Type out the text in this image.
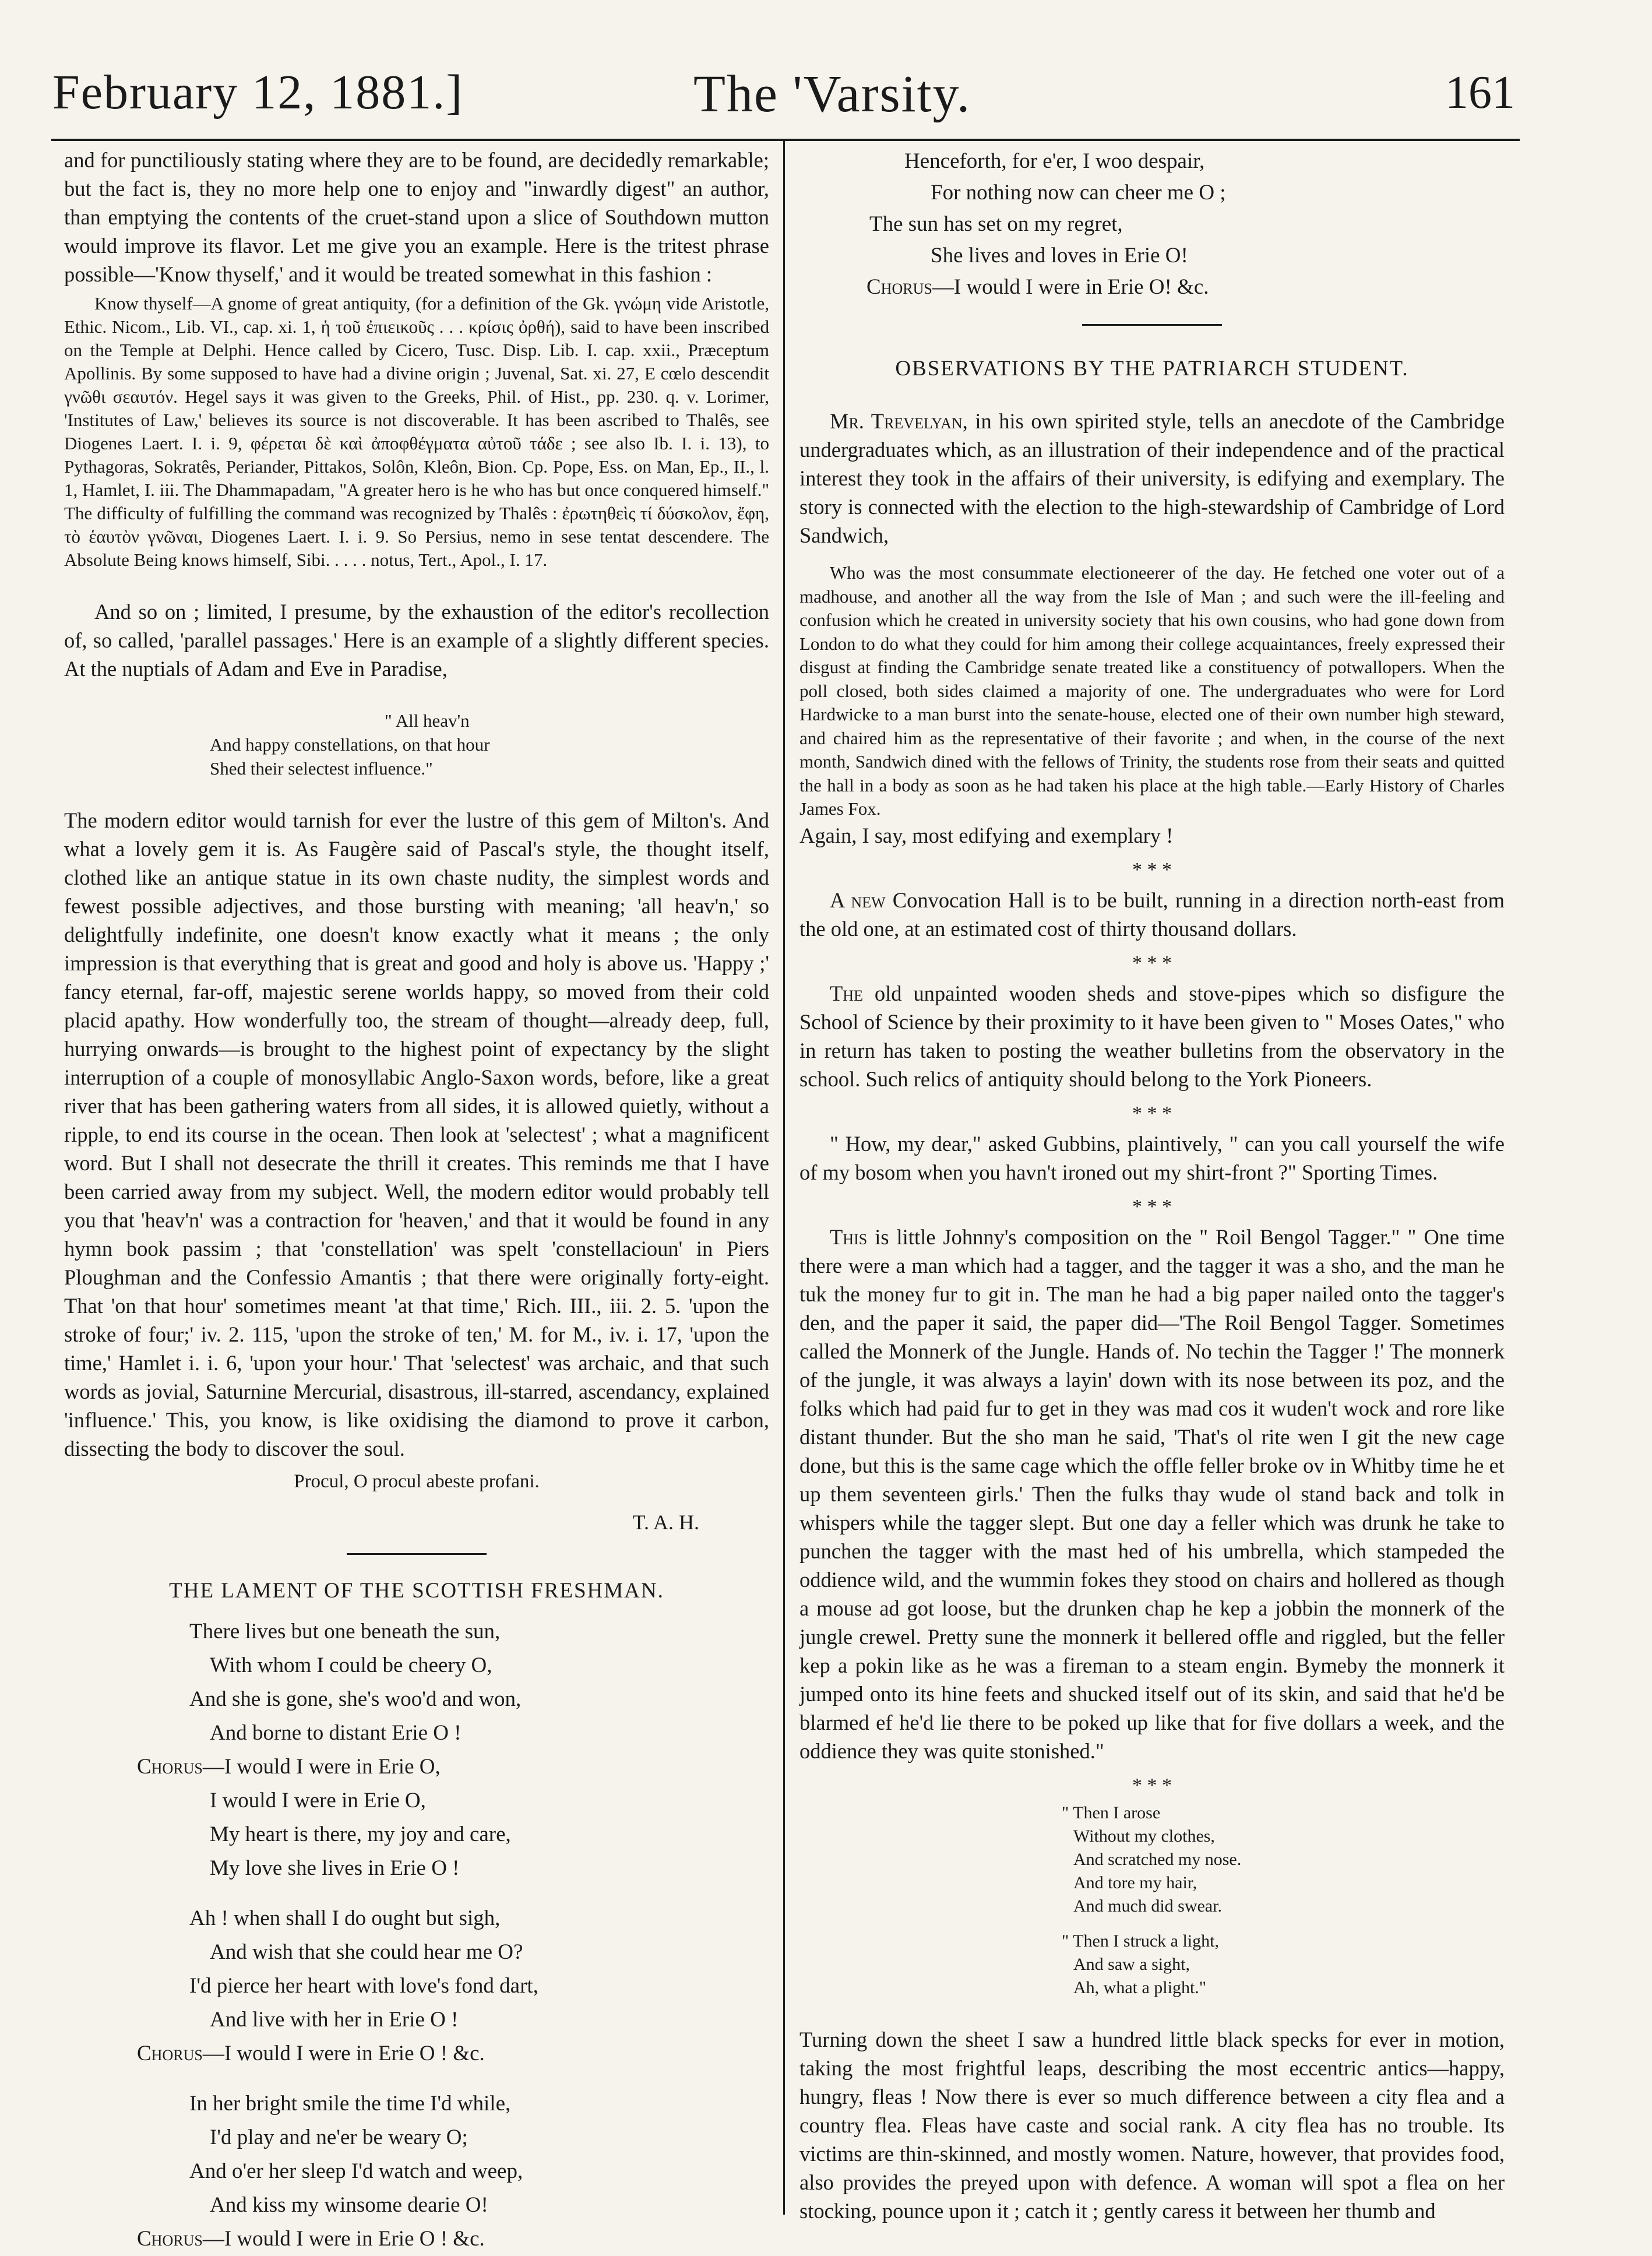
February 12, 1881.]	The 'Varsity.	161

and for punctiliously stating where they are to be found, are decidedly remarkable; but the fact is, they no more help one to enjoy and "inwardly digest" an author, than emptying the contents of the cruet-stand upon a slice of Southdown mutton would improve its flavor. Let me give you an example. Here is the tritest phrase possible—'Know thyself,' and it would be treated somewhat in this fashion :

Know thyself—A gnome of great antiquity, (for a definition of the Gk. γνώμη vide Aristotle, Ethic. Nicom., Lib. VI., cap. xi. 1, ἡ τοῦ ἐπιεικοῦς . . . κρίσις ὀρθή), said to have been inscribed on the Temple at Delphi. Hence called by Cicero, Tusc. Disp. Lib. I. cap. xxii., Præceptum Apollinis. By some supposed to have had a divine origin ; Juvenal, Sat. xi. 27, E cœlo descendit γνῶθι σεαυτόν. Hegel says it was given to the Greeks, Phil. of Hist., pp. 230. q. v. Lorimer, 'Institutes of Law,' believes its source is not discoverable. It has been ascribed to Thalês, see Diogenes Laert. I. i. 9, φέρεται δὲ καὶ ἀποφθέγματα αὐτοῦ τάδε ; see also Ib. I. i. 13), to Pythagoras, Sokratês, Periander, Pittakos, Solôn, Kleôn, Bion. Cp. Pope, Ess. on Man, Ep., II., l. 1, Hamlet, I. iii. The Dhammapadam, "A greater hero is he who has but once conquered himself." The difficulty of fulfilling the command was recognized by Thalês : ἐρωτηθεὶς τί δύσκολον, ἔφη, τὸ ἑαυτὸν γνῶναι, Diogenes Laert. I. i. 9. So Persius, nemo in sese tentat descendere. The Absolute Being knows himself, Sibi. . . . . notus, Tert., Apol., I. 17.

And so on ; limited, I presume, by the exhaustion of the editor's recollection of, so called, 'parallel passages.' Here is an example of a slightly different species. At the nuptials of Adam and Eve in Paradise,

" All heav'n

And happy constellations, on that hour

Shed their selectest influence."

The modern editor would tarnish for ever the lustre of this gem of Milton's. And what a lovely gem it is. As Faugère said of Pascal's style, the thought itself, clothed like an antique statue in its own chaste nudity, the simplest words and fewest possible adjectives, and those bursting with meaning; 'all heav'n,' so delightfully indefinite, one doesn't know exactly what it means ; the only impression is that everything that is great and good and holy is above us. 'Happy ;' fancy eternal, far-off, majestic serene worlds happy, so moved from their cold placid apathy. How wonderfully too, the stream of thought—already deep, full, hurrying onwards—is brought to the highest point of expectancy by the slight interruption of a couple of monosyllabic Anglo-Saxon words, before, like a great river that has been gathering waters from all sides, it is allowed quietly, without a ripple, to end its course in the ocean. Then look at 'selectest' ; what a magnificent word. But I shall not desecrate the thrill it creates. This reminds me that I have been carried away from my subject. Well, the modern editor would probably tell you that 'heav'n' was a contraction for 'heaven,' and that it would be found in any hymn book passim ; that 'constellation' was spelt 'constellacioun' in Piers Ploughman and the Confessio Amantis ; that there were originally forty-eight. That 'on that hour' sometimes meant 'at that time,' Rich. III., iii. 2. 5. 'upon the stroke of four;' iv. 2. 115, 'upon the stroke of ten,' M. for M., iv. i. 17, 'upon the time,' Hamlet i. i. 6, 'upon your hour.' That 'selectest' was archaic, and that such words as jovial, Saturnine Mercurial, disastrous, ill-starred, ascendancy, explained 'influence.' This, you know, is like oxidising the diamond to prove it carbon, dissecting the body to discover the soul.

Procul, O procul abeste profani.

T. A. H.

THE LAMENT OF THE SCOTTISH FRESHMAN.

There lives but one beneath the sun,

With whom I could be cheery O,

And she is gone, she's woo'd and won,

And borne to distant Erie O !

Chorus—I would I were in Erie O,

I would I were in Erie O,

My heart is there, my joy and care,

My love she lives in Erie O !

Ah ! when shall I do ought but sigh,

And wish that she could hear me O?

I'd pierce her heart with love's fond dart,

And live with her in Erie O !

Chorus—I would I were in Erie O ! &c.

In her bright smile the time I'd while,

I'd play and ne'er be weary O;

And o'er her sleep I'd watch and weep,

And kiss my winsome dearie O!

Chorus—I would I were in Erie O ! &c.

Henceforth, for e'er, I woo despair,

For nothing now can cheer me O ;

The sun has set on my regret,

She lives and loves in Erie O!

Chorus—I would I were in Erie O! &c.

OBSERVATIONS BY THE PATRIARCH STUDENT.

Mr. Trevelyan, in his own spirited style, tells an anecdote of the Cambridge undergraduates which, as an illustration of their independence and of the practical interest they took in the affairs of their university, is edifying and exemplary. The story is connected with the election to the high-stewardship of Cambridge of Lord Sandwich,

Who was the most consummate electioneerer of the day. He fetched one voter out of a madhouse, and another all the way from the Isle of Man ; and such were the ill-feeling and confusion which he created in university society that his own cousins, who had gone down from London to do what they could for him among their college acquaintances, freely expressed their disgust at finding the Cambridge senate treated like a constituency of potwallopers. When the poll closed, both sides claimed a majority of one. The undergraduates who were for Lord Hardwicke to a man burst into the senate-house, elected one of their own number high steward, and chaired him as the representative of their favorite ; and when, in the course of the next month, Sandwich dined with the fellows of Trinity, the students rose from their seats and quitted the hall in a body as soon as he had taken his place at the high table.—Early History of Charles James Fox.

Again, I say, most edifying and exemplary !

* * *

A new Convocation Hall is to be built, running in a direction north-east from the old one, at an estimated cost of thirty thousand dollars.

* * *

The old unpainted wooden sheds and stove-pipes which so disfigure the School of Science by their proximity to it have been given to " Moses Oates," who in return has taken to posting the weather bulletins from the observatory in the school. Such relics of antiquity should belong to the York Pioneers.

* * *

" How, my dear," asked Gubbins, plaintively, " can you call yourself the wife of my bosom when you havn't ironed out my shirt-front ?" Sporting Times.

* * *

This is little Johnny's composition on the " Roil Bengol Tagger." " One time there were a man which had a tagger, and the tagger it was a sho, and the man he tuk the money fur to git in. The man he had a big paper nailed onto the tagger's den, and the paper it said, the paper did—'The Roil Bengol Tagger. Sometimes called the Monnerk of the Jungle. Hands of. No techin the Tagger !' The monnerk of the jungle, it was always a layin' down with its nose between its poz, and the folks which had paid fur to get in they was mad cos it wuden't wock and rore like distant thunder. But the sho man he said, 'That's ol rite wen I git the new cage done, but this is the same cage which the offle feller broke ov in Whitby time he et up them seventeen girls.' Then the fulks thay wude ol stand back and tolk in whispers while the tagger slept. But one day a feller which was drunk he take to punchen the tagger with the mast hed of his umbrella, which stampeded the oddience wild, and the wummin fokes they stood on chairs and hollered as though a mouse ad got loose, but the drunken chap he kep a jobbin the monnerk of the jungle crewel. Pretty sune the monnerk it bellered offle and riggled, but the feller kep a pokin like as he was a fireman to a steam engin. Bymeby the monnerk it jumped onto its hine feets and shucked itself out of its skin, and said that he'd be blarmed ef he'd lie there to be poked up like that for five dollars a week, and the oddience they was quite stonished."

* * *

" Then I arose

Without my clothes,

And scratched my nose.

And tore my hair,

And much did swear.

" Then I struck a light,

And saw a sight,

Ah, what a plight."

Turning down the sheet I saw a hundred little black specks for ever in motion, taking the most frightful leaps, describing the most eccentric antics—happy, hungry, fleas ! Now there is ever so much difference between a city flea and a country flea. Fleas have caste and social rank. A city flea has no trouble. Its victims are thin-skinned, and mostly women. Nature, however, that provides food, also provides the preyed upon with defence. A woman will spot a flea on her stocking, pounce upon it ; catch it ; gently caress it between her thumb and
